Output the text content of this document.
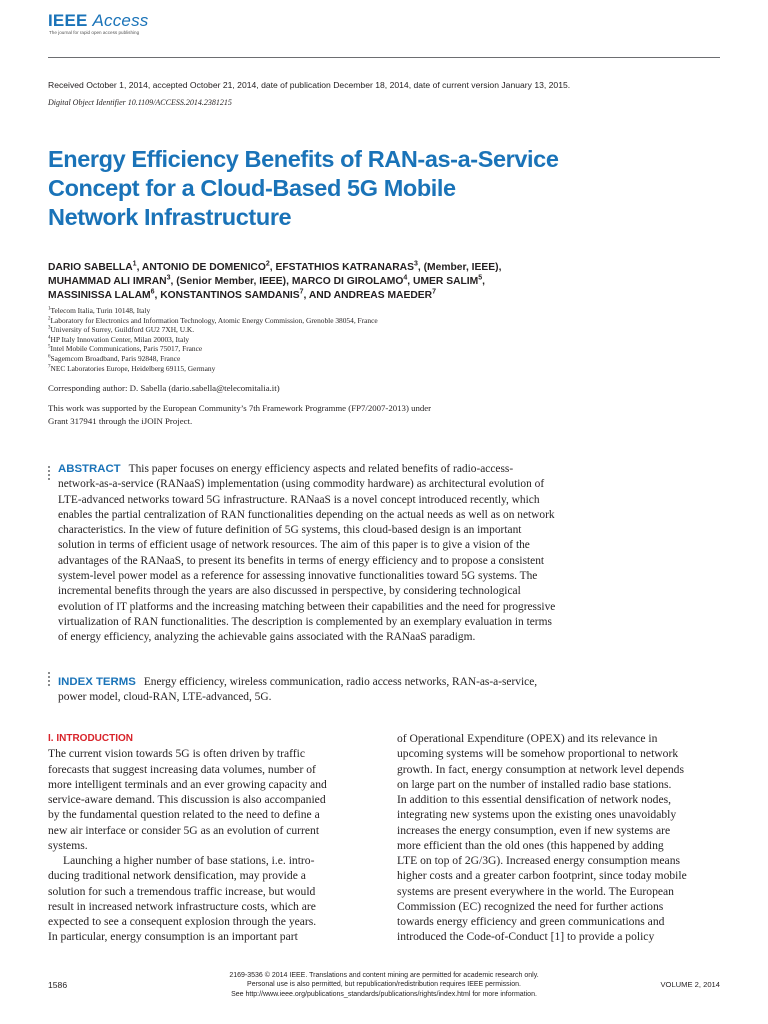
IEEE Access
The journal for rapid open access publishing
Received October 1, 2014, accepted October 21, 2014, date of publication December 18, 2014, date of current version January 13, 2015.
Digital Object Identifier 10.1109/ACCESS.2014.2381215
Energy Efficiency Benefits of RAN-as-a-Service
Concept for a Cloud-Based 5G Mobile
Network Infrastructure
DARIO SABELLA$^1$, ANTONIO DE DOMENICO$^2$, EFSTATHIOS KATRANARAS$^3$, (Member, IEEE),
MUHAMMAD ALI IMRAN$^3$, (Senior Member, IEEE), MARCO DI GIROLAMO$^4$, UMER SALIM$^5$,
MASSINISSA LALAM$^6$, KONSTANTINOS SAMDANIS$^7$, AND ANDREAS MAEDER$^7$
$^1$Telecom Italia, Turin 10148, Italy
$^2$Laboratory for Electronics and Information Technology, Atomic Energy Commission, Grenoble 38054, France
$^3$University of Surrey, Guildford GU2 7XH, U.K.
$^4$HP Italy Innovation Center, Milan 20003, Italy
$^5$Intel Mobile Communications, Paris 75017, France
$^6$Sagemcom Broadband, Paris 92848, France
$^7$NEC Laboratories Europe, Heidelberg 69115, Germany
Corresponding author: D. Sabella (dario.sabella@telecomitalia.it)
This work was supported by the European Community’s 7th Framework Programme (FP7/2007-2013) under
Grant 317941 through the iJOIN Project.
ABSTRACT This paper focuses on energy efficiency aspects and related benefits of radio-access-
network-as-a-service (RANaaS) implementation (using commodity hardware) as architectural evolution of
LTE-advanced networks toward 5G infrastructure. RANaaS is a novel concept introduced recently, which
enables the partial centralization of RAN functionalities depending on the actual needs as well as on network
characteristics. In the view of future definition of 5G systems, this cloud-based design is an important
solution in terms of efficient usage of network resources. The aim of this paper is to give a vision of the
advantages of the RANaaS, to present its benefits in terms of energy efficiency and to propose a consistent
system-level power model as a reference for assessing innovative functionalities toward 5G systems. The
incremental benefits through the years are also discussed in perspective, by considering technological
evolution of IT platforms and the increasing matching between their capabilities and the need for progressive
virtualization of RAN functionalities. The description is complemented by an exemplary evaluation in terms
of energy efficiency, analyzing the achievable gains associated with the RANaaS paradigm.
INDEX TERMS Energy efficiency, wireless communication, radio access networks, RAN-as-a-service,
power model, cloud-RAN, LTE-advanced, 5G.
I. INTRODUCTION
The current vision towards 5G is often driven by traffic
forecasts that suggest increasing data volumes, number of
more intelligent terminals and an ever growing capacity and
service-aware demand. This discussion is also accompanied
by the fundamental question related to the need to define a
new air interface or consider 5G as an evolution of current
systems.
Launching a higher number of base stations, i.e. intro-
ducing traditional network densification, may provide a
solution for such a tremendous traffic increase, but would
result in increased network infrastructure costs, which are
expected to see a consequent explosion through the years.
In particular, energy consumption is an important part
of Operational Expenditure (OPEX) and its relevance in
upcoming systems will be somehow proportional to network
growth. In fact, energy consumption at network level depends
on large part on the number of installed radio base stations.
In addition to this essential densification of network nodes,
integrating new systems upon the existing ones unavoidably
increases the energy consumption, even if new systems are
more efficient than the old ones (this happened by adding
LTE on top of 2G/3G). Increased energy consumption means
higher costs and a greater carbon footprint, since today mobile
systems are present everywhere in the world. The European
Commission (EC) recognized the need for further actions
towards energy efficiency and green communications and
introduced the Code-of-Conduct [1] to provide a policy
1586
2169-3536 © 2014 IEEE. Translations and content mining are permitted for academic research only.
Personal use is also permitted, but republication/redistribution requires IEEE permission.
See http://www.ieee.org/publications_standards/publications/rights/index.html for more information.
VOLUME 2, 2014
